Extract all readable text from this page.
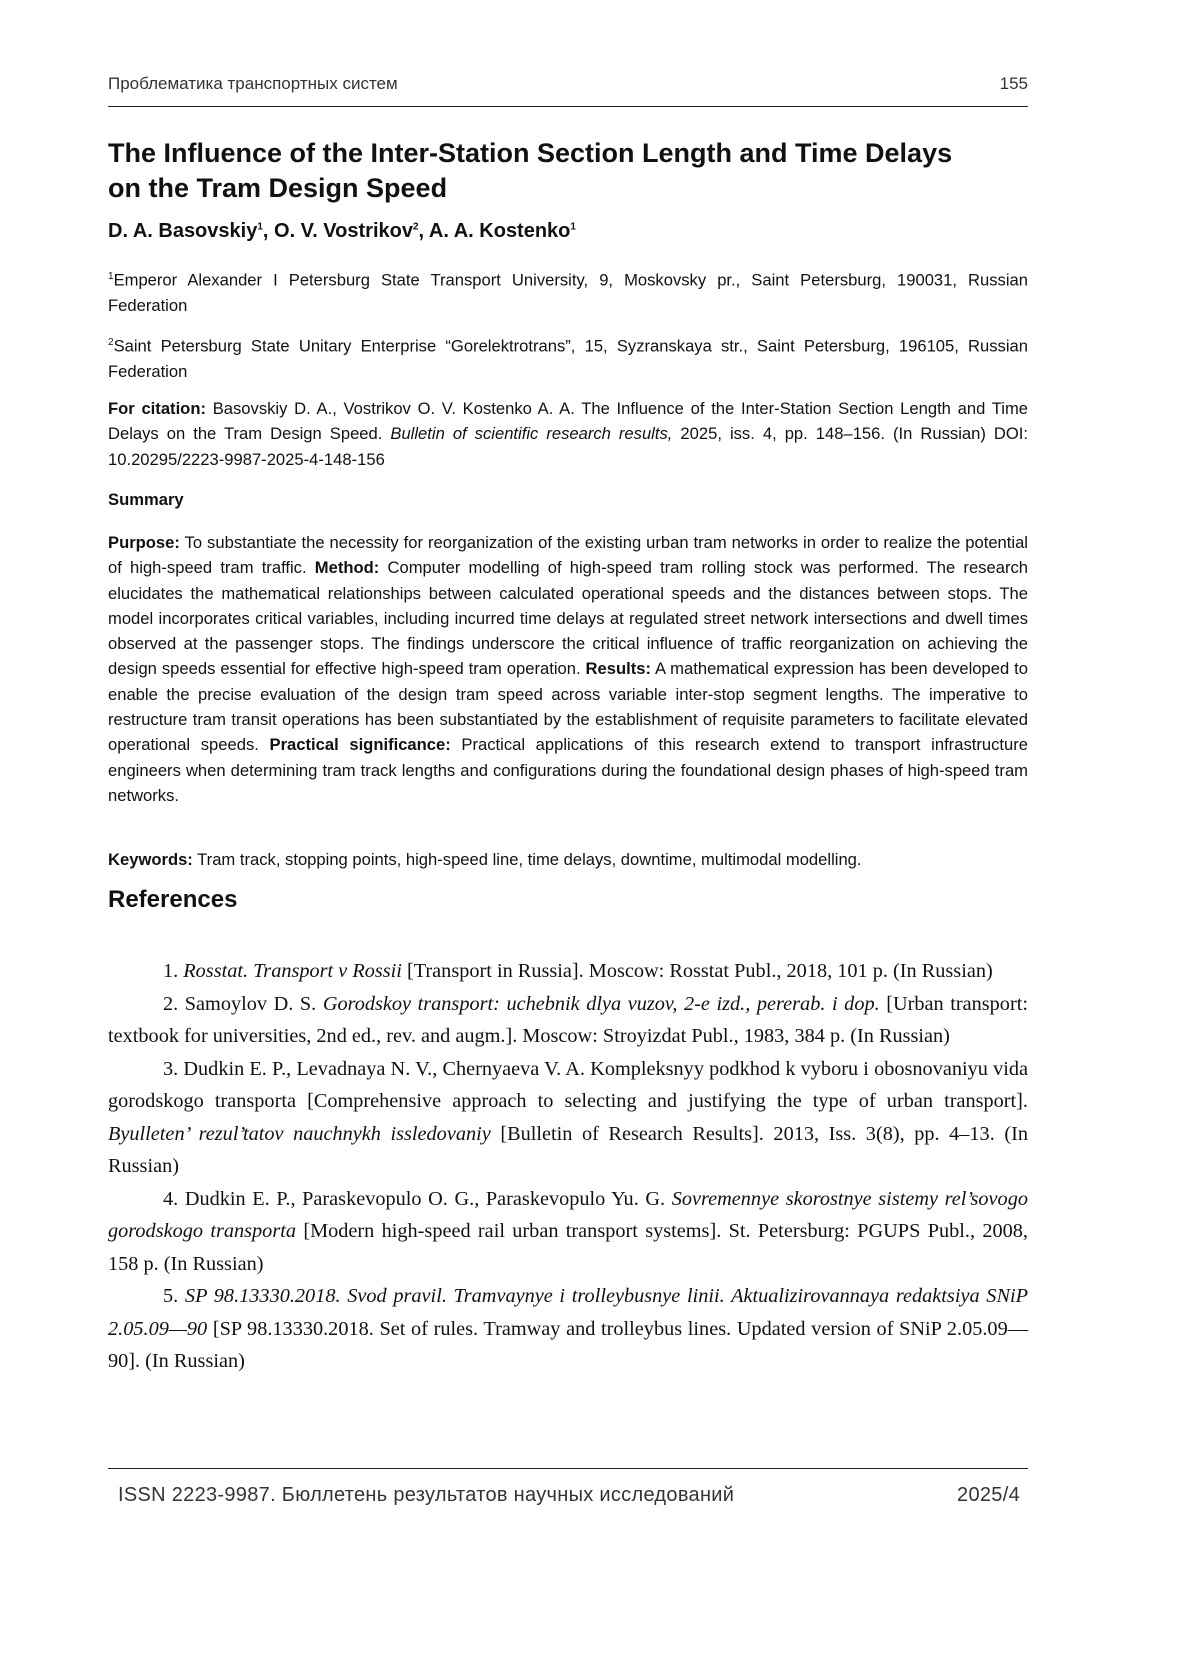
Проблематика транспортных систем	155
The Influence of the Inter-Station Section Length and Time Delays on the Tram Design Speed
D. A. Basovskiy$^1$, O. V. Vostrikov$^2$, A. A. Kostenko$^1$
$^1$Emperor Alexander I Petersburg State Transport University, 9, Moskovsky pr., Saint Petersburg, 190031, Russian Federation
$^2$Saint Petersburg State Unitary Enterprise “Gorelektrotrans”, 15, Syzranskaya str., Saint Petersburg, 196105, Russian Federation
For citation: Basovskiy D. A., Vostrikov O. V. Kostenko A. A. The Influence of the Inter-Station Section Length and Time Delays on the Tram Design Speed. Bulletin of scientific research results, 2025, iss. 4, pp. 148–156. (In Russian) DOI: 10.20295/2223-9987-2025-4-148-156
Summary
Purpose: To substantiate the necessity for reorganization of the existing urban tram networks in order to realize the potential of high-speed tram traffic. Method: Computer modelling of high-speed tram rolling stock was performed. The research elucidates the mathematical relationships between calculated operational speeds and the distances between stops. The model incorporates critical variables, including incurred time delays at regulated street network intersections and dwell times observed at the passenger stops. The findings underscore the critical influence of traffic reorganization on achieving the design speeds essential for effective high-speed tram operation. Results: A mathematical expression has been developed to enable the precise evaluation of the design tram speed across variable inter-stop segment lengths. The imperative to restructure tram transit operations has been substantiated by the establishment of requisite parameters to facilitate elevated operational speeds. Practical significance: Practical applications of this research extend to transport infrastructure engineers when determining tram track lengths and configurations during the foundational design phases of high-speed tram networks.
Keywords: Tram track, stopping points, high-speed line, time delays, downtime, multimodal modelling.
References

1. Rosstat. Transport v Rossii [Transport in Russia]. Moscow: Rosstat Publ., 2018, 101 p. (In Russian)

2. Samoylov D. S. Gorodskoy transport: uchebnik dlya vuzov, 2-e izd., pererab. i dop. [Urban transport: textbook for universities, 2nd ed., rev. and augm.]. Moscow: Stroyizdat Publ., 1983, 384 p. (In Russian)

3. Dudkin E. P., Levadnaya N. V., Chernyaeva V. A. Kompleksnyy podkhod k vyboru i obosnovaniyu vida gorodskogo transporta [Comprehensive approach to selecting and justifying the type of urban transport]. Byulleten’ rezul’tatov nauchnykh issledovaniy [Bulletin of Research Results]. 2013, Iss. 3(8), pp. 4–13. (In Russian)

4. Dudkin E. P., Paraskevopulo O. G., Paraskevopulo Yu. G. Sovremennye skorostnye sistemy rel’sovogo gorodskogo transporta [Modern high-speed rail urban transport systems]. St. Petersburg: PGUPS Publ., 2008, 158 p. (In Russian)

5. SP 98.13330.2018. Svod pravil. Tramvaynye i trolleybusnye linii. Aktualizirovannaya redaktsiya SNiP 2.05.09—90 [SP 98.13330.2018. Set of rules. Tramway and trolleybus lines. Updated version of SNiP 2.05.09—90]. (In Russian)

ISSN 2223-9987. Бюллетень результатов научных исследований	2025/4
